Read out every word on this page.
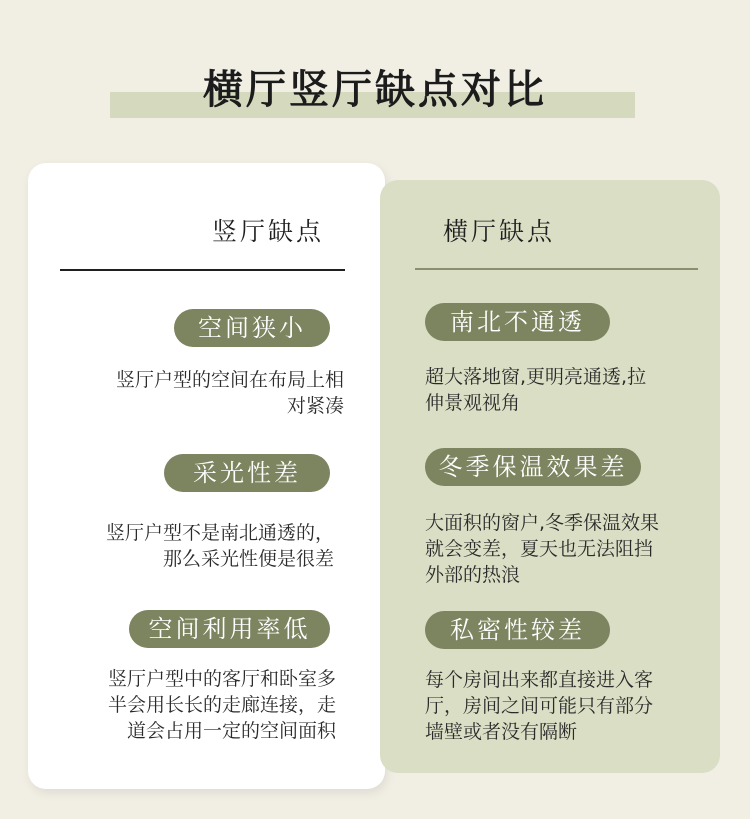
横厅竖厅缺点对比
竖厅缺点	横厅缺点
空间狭小
竖厅户型的空间在布局上相
对紧凑
采光性差
竖厅户型不是南北通透的，
那么采光性便是很差
空间利用率低
竖厅户型中的客厅和卧室多
半会用长长的走廊连接，走
道会占用一定的空间面积
南北不通透
超大落地窗,更明亮通透,拉
伸景观视角
冬季保温效果差
大面积的窗户,冬季保温效果
就会变差，夏天也无法阻挡
外部的热浪
私密性较差
每个房间出来都直接进入客
厅，房间之间可能只有部分
墙壁或者没有隔断
